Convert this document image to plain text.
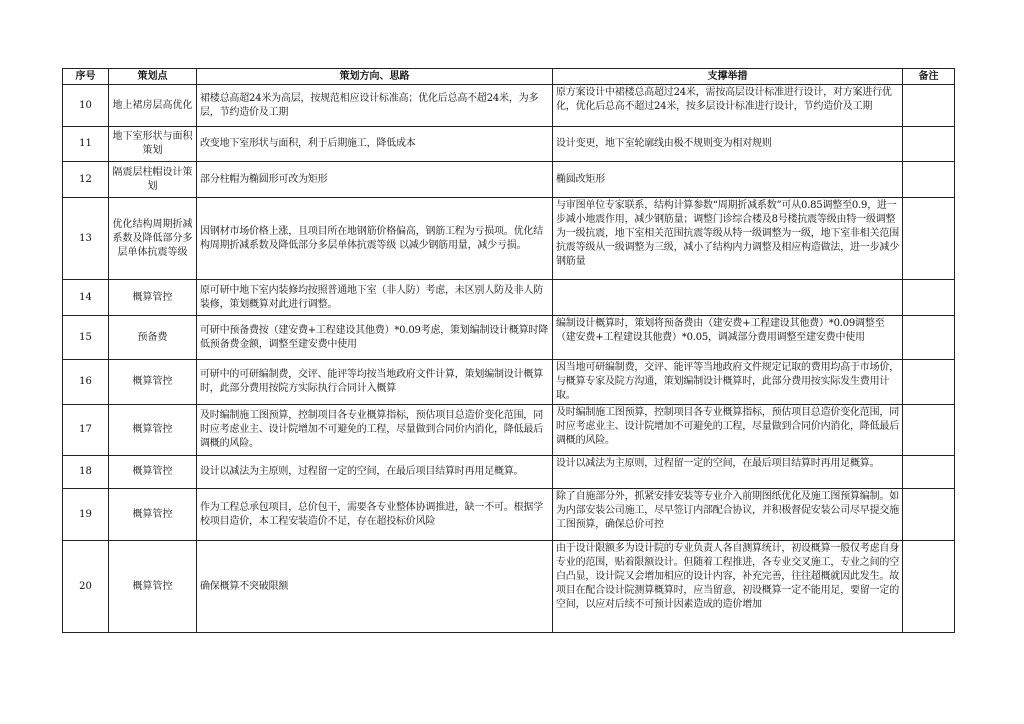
序号	策划点	策划方向、思路	支撑举措	备注
10	地上裙房层高优化	裙楼总高超24米为高层，按规范相应设计标准高；优化后总高不超24米，为多层，节约造价及工期	原方案设计中裙楼总高超过24米，需按高层设计标准进行设计，对方案进行优化，优化后总高不超过24米，按多层设计标准进行设计，节约造价及工期	
11	地下室形状与面积策划	改变地下室形状与面积，利于后期施工，降低成本	设计变更，地下室轮廓线由极不规则变为相对规则	
12	隔震层柱帽设计策划	部分柱帽为椭圆形可改为矩形	椭圆改矩形	
13	优化结构周期折减系数及降低部分多层单体抗震等级	因钢材市场价格上涨，且项目所在地钢筋价格偏高，钢筋工程为亏损项。优化结构周期折减系数及降低部分多层单体抗震等级 以减少钢筋用量，减少亏损。	与审图单位专家联系，结构计算参数“周期折减系数”可从0.85调整至0.9，进一步减小地震作用，减少钢筋量；调整门诊综合楼及8号楼抗震等级由特一级调整为一级抗震，地下室相关范围抗震等级从特一级调整为一级，地下室非相关范围抗震等级从一级调整为三级，减小了结构内力调整及相应构造做法，进一步减少钢筋量	
14	概算管控	原可研中地下室内装修均按照普通地下室（非人防）考虑，未区别人防及非人防装修，策划概算对此进行调整。		
15	预备费	可研中预备费按（建安费+工程建设其他费）*0.09考虑，策划编制设计概算时降低预备费金额，调整至建安费中使用	编制设计概算时，策划将预备费由（建安费+工程建设其他费）*0.09调整至（建安费+工程建设其他费）*0.05，调减部分费用调整至建安费中使用	
16	概算管控	可研中的可研编制费，交评、能评等均按当地政府文件计算，策划编制设计概算时，此部分费用按院方实际执行合同计入概算	因当地可研编制费，交评、能评等当地政府文件规定记取的费用均高于市场价，与概算专家及院方沟通，策划编制设计概算时，此部分费用按实际发生费用计取。	
17	概算管控	及时编制施工图预算，控制项目各专业概算指标，预估项目总造价变化范围，同时应考虑业主、设计院增加不可避免的工程，尽量做到合同价内消化，降低最后调概的风险。	及时编制施工图预算，控制项目各专业概算指标，预估项目总造价变化范围，同时应考虑业主、设计院增加不可避免的工程，尽量做到合同价内消化，降低最后调概的风险。	
18	概算管控	设计以减法为主原则，过程留一定的空间，在最后项目结算时再用足概算。	设计以减法为主原则，过程留一定的空间，在最后项目结算时再用足概算。	
19	概算管控	作为工程总承包项目，总价包干，需要各专业整体协调推进，缺一不可。根据学校项目造价，本工程安装造价不足，存在超投标价风险	除了自施部分外，抓紧安排安装等专业介入前期图纸优化及施工图预算编制。如为内部安装公司施工，尽早签订内部配合协议，并积极督促安装公司尽早提交施工图预算，确保总价可控	
20	概算管控	确保概算不突破限额	由于设计限额多为设计院的专业负责人各自测算统计，初设概算一般仅考虑自身专业的范围，贴着限额设计。但随着工程推进，各专业交叉施工，专业之间的空白凸显，设计院又会增加相应的设计内容，补充完善，往往超概就因此发生。故项目在配合设计院测算概算时，应当留意，初设概算一定不能用足，要留一定的空间，以应对后续不可预计因素造成的造价增加	
